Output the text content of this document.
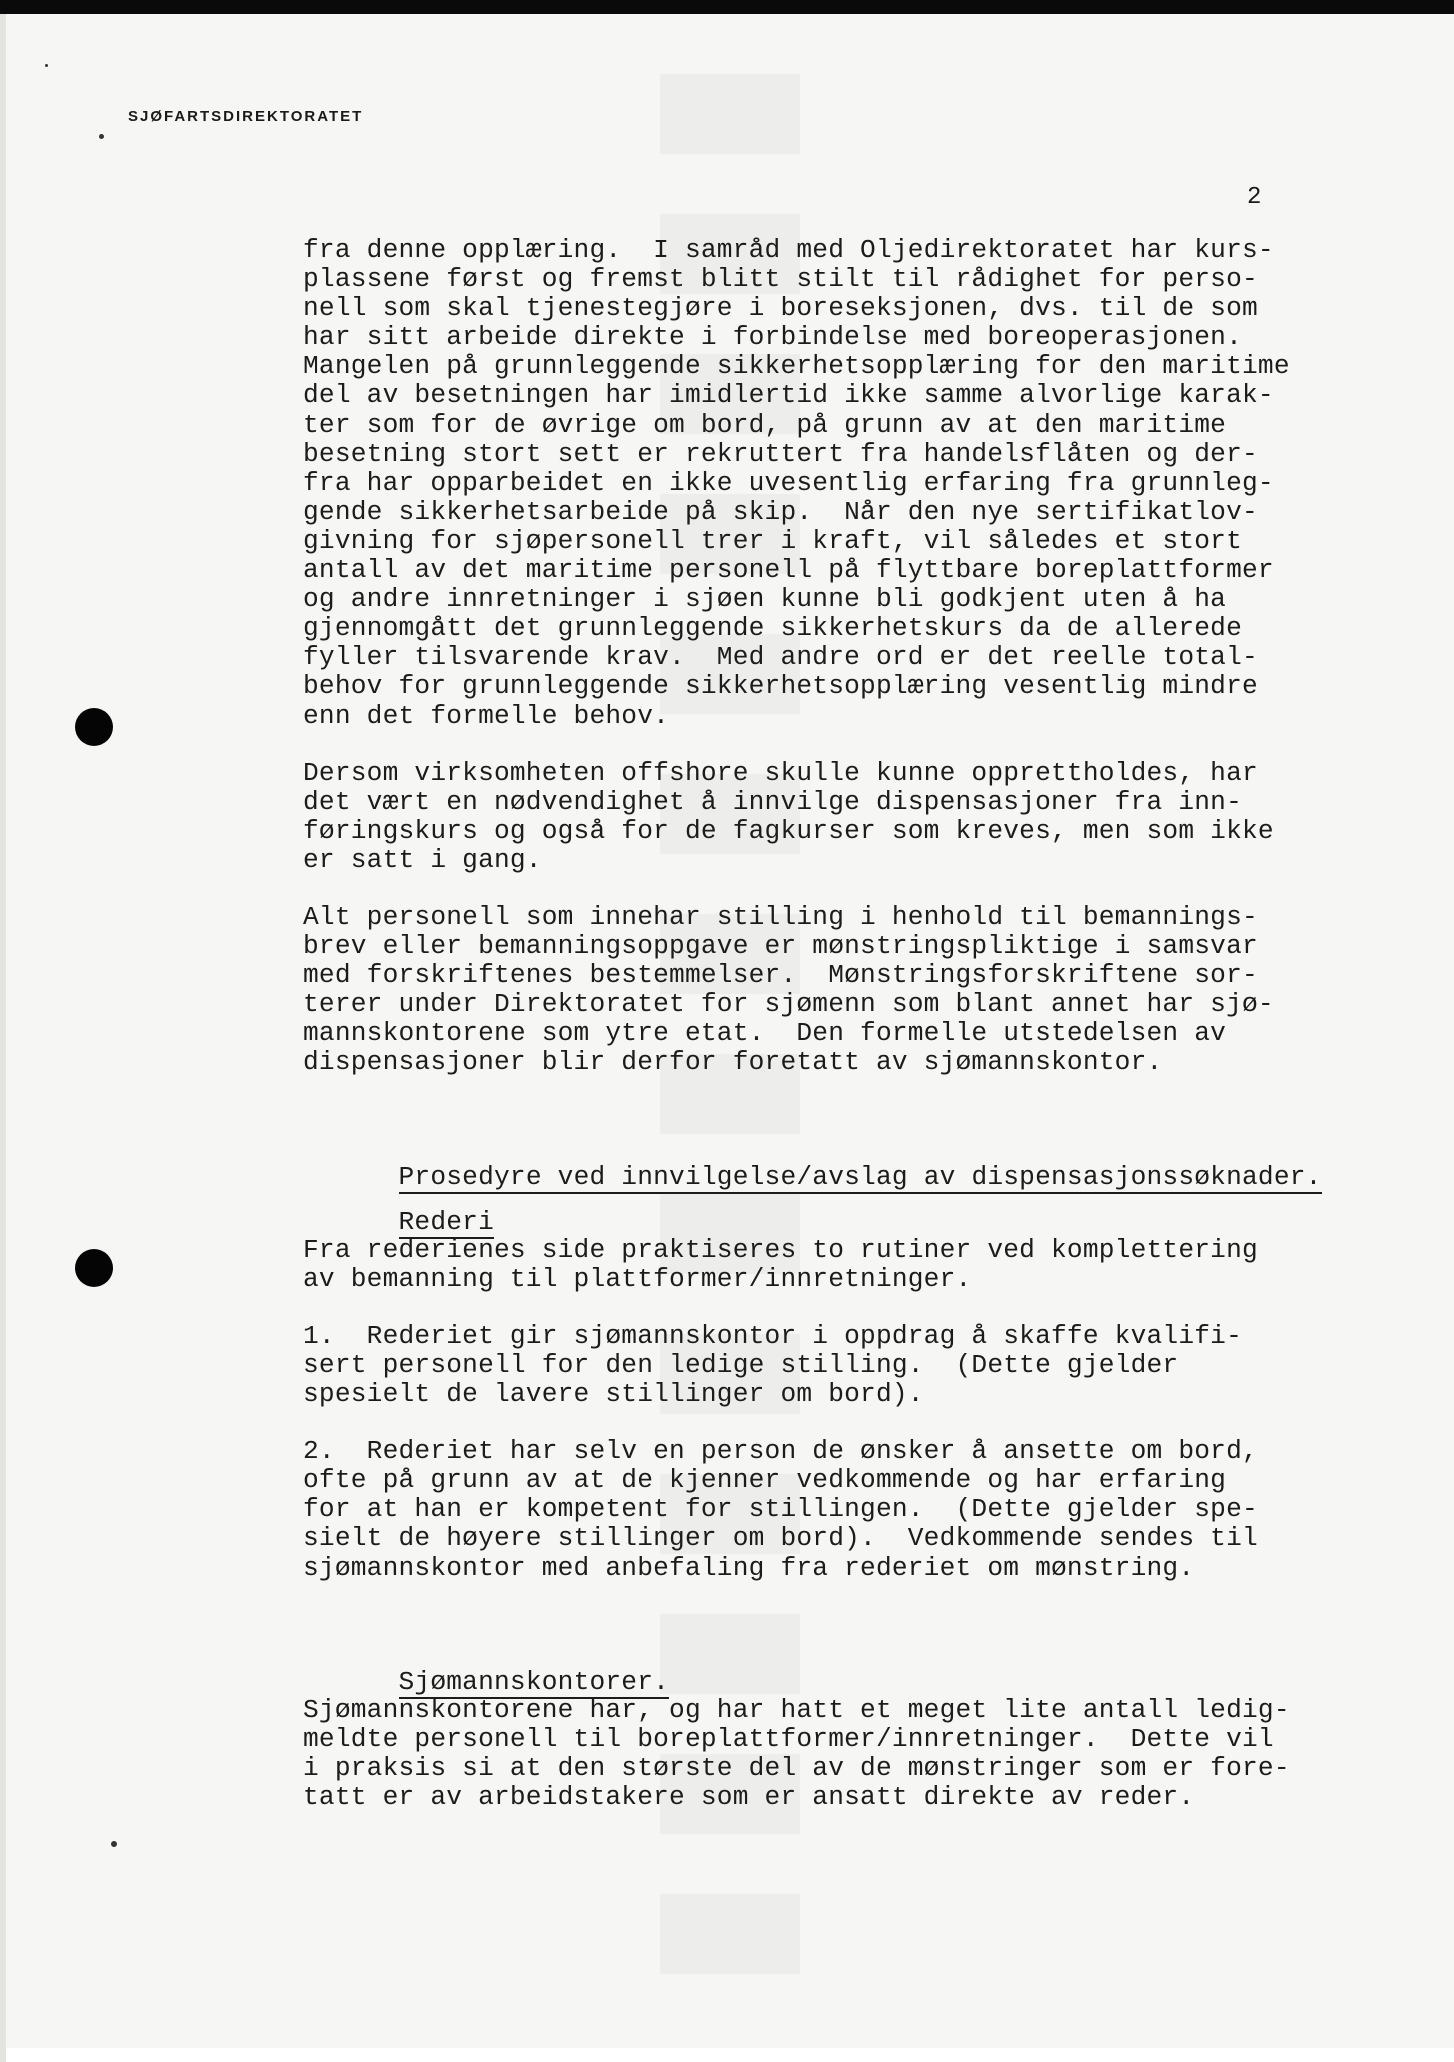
SJØFARTSDIREKTORATET
2
fra denne opplæring.  I samråd med Oljedirektoratet har kurs-
plassene først og fremst blitt stilt til rådighet for perso-
nell som skal tjenestegjøre i boreseksjonen, dvs. til de som
har sitt arbeide direkte i forbindelse med boreoperasjonen.
Mangelen på grunnleggende sikkerhetsopplæring for den maritime
del av besetningen har imidlertid ikke samme alvorlige karak-
ter som for de øvrige om bord, på grunn av at den maritime
besetning stort sett er rekruttert fra handelsflåten og der-
fra har opparbeidet en ikke uvesentlig erfaring fra grunnleg-
gende sikkerhetsarbeide på skip.  Når den nye sertifikatlov-
givning for sjøpersonell trer i kraft, vil således et stort
antall av det maritime personell på flyttbare boreplattformer
og andre innretninger i sjøen kunne bli godkjent uten å ha
gjennomgått det grunnleggende sikkerhetskurs da de allerede
fyller tilsvarende krav.  Med andre ord er det reelle total-
behov for grunnleggende sikkerhetsopplæring vesentlig mindre
enn det formelle behov.
Dersom virksomheten offshore skulle kunne opprettholdes, har
det vært en nødvendighet å innvilge dispensasjoner fra inn-
føringskurs og også for de fagkurser som kreves, men som ikke
er satt i gang.
Alt personell som innehar stilling i henhold til bemannings-
brev eller bemanningsoppgave er mønstringspliktige i samsvar
med forskriftenes bestemmelser.  Mønstringsforskriftene sor-
terer under Direktoratet for sjømenn som blant annet har sjø-
mannskontorene som ytre etat.  Den formelle utstedelsen av
dispensasjoner blir derfor foretatt av sjømannskontor.

Prosedyre ved innvilgelse/avslag av dispensasjonssøknader.

Rederi

Fra rederienes side praktiseres to rutiner ved komplettering
av bemanning til plattformer/innretninger.
1.  Rederiet gir sjømannskontor i oppdrag å skaffe kvalifi-
sert personell for den ledige stilling.  (Dette gjelder
spesielt de lavere stillinger om bord).
2.  Rederiet har selv en person de ønsker å ansette om bord,
ofte på grunn av at de kjenner vedkommende og har erfaring
for at han er kompetent for stillingen.  (Dette gjelder spe-
sielt de høyere stillinger om bord).  Vedkommende sendes til
sjømannskontor med anbefaling fra rederiet om mønstring.

Sjømannskontorer.

Sjømannskontorene har, og har hatt et meget lite antall ledig-
meldte personell til boreplattformer/innretninger.  Dette vil
i praksis si at den største del av de mønstringer som er fore-
tatt er av arbeidstakere som er ansatt direkte av reder.
